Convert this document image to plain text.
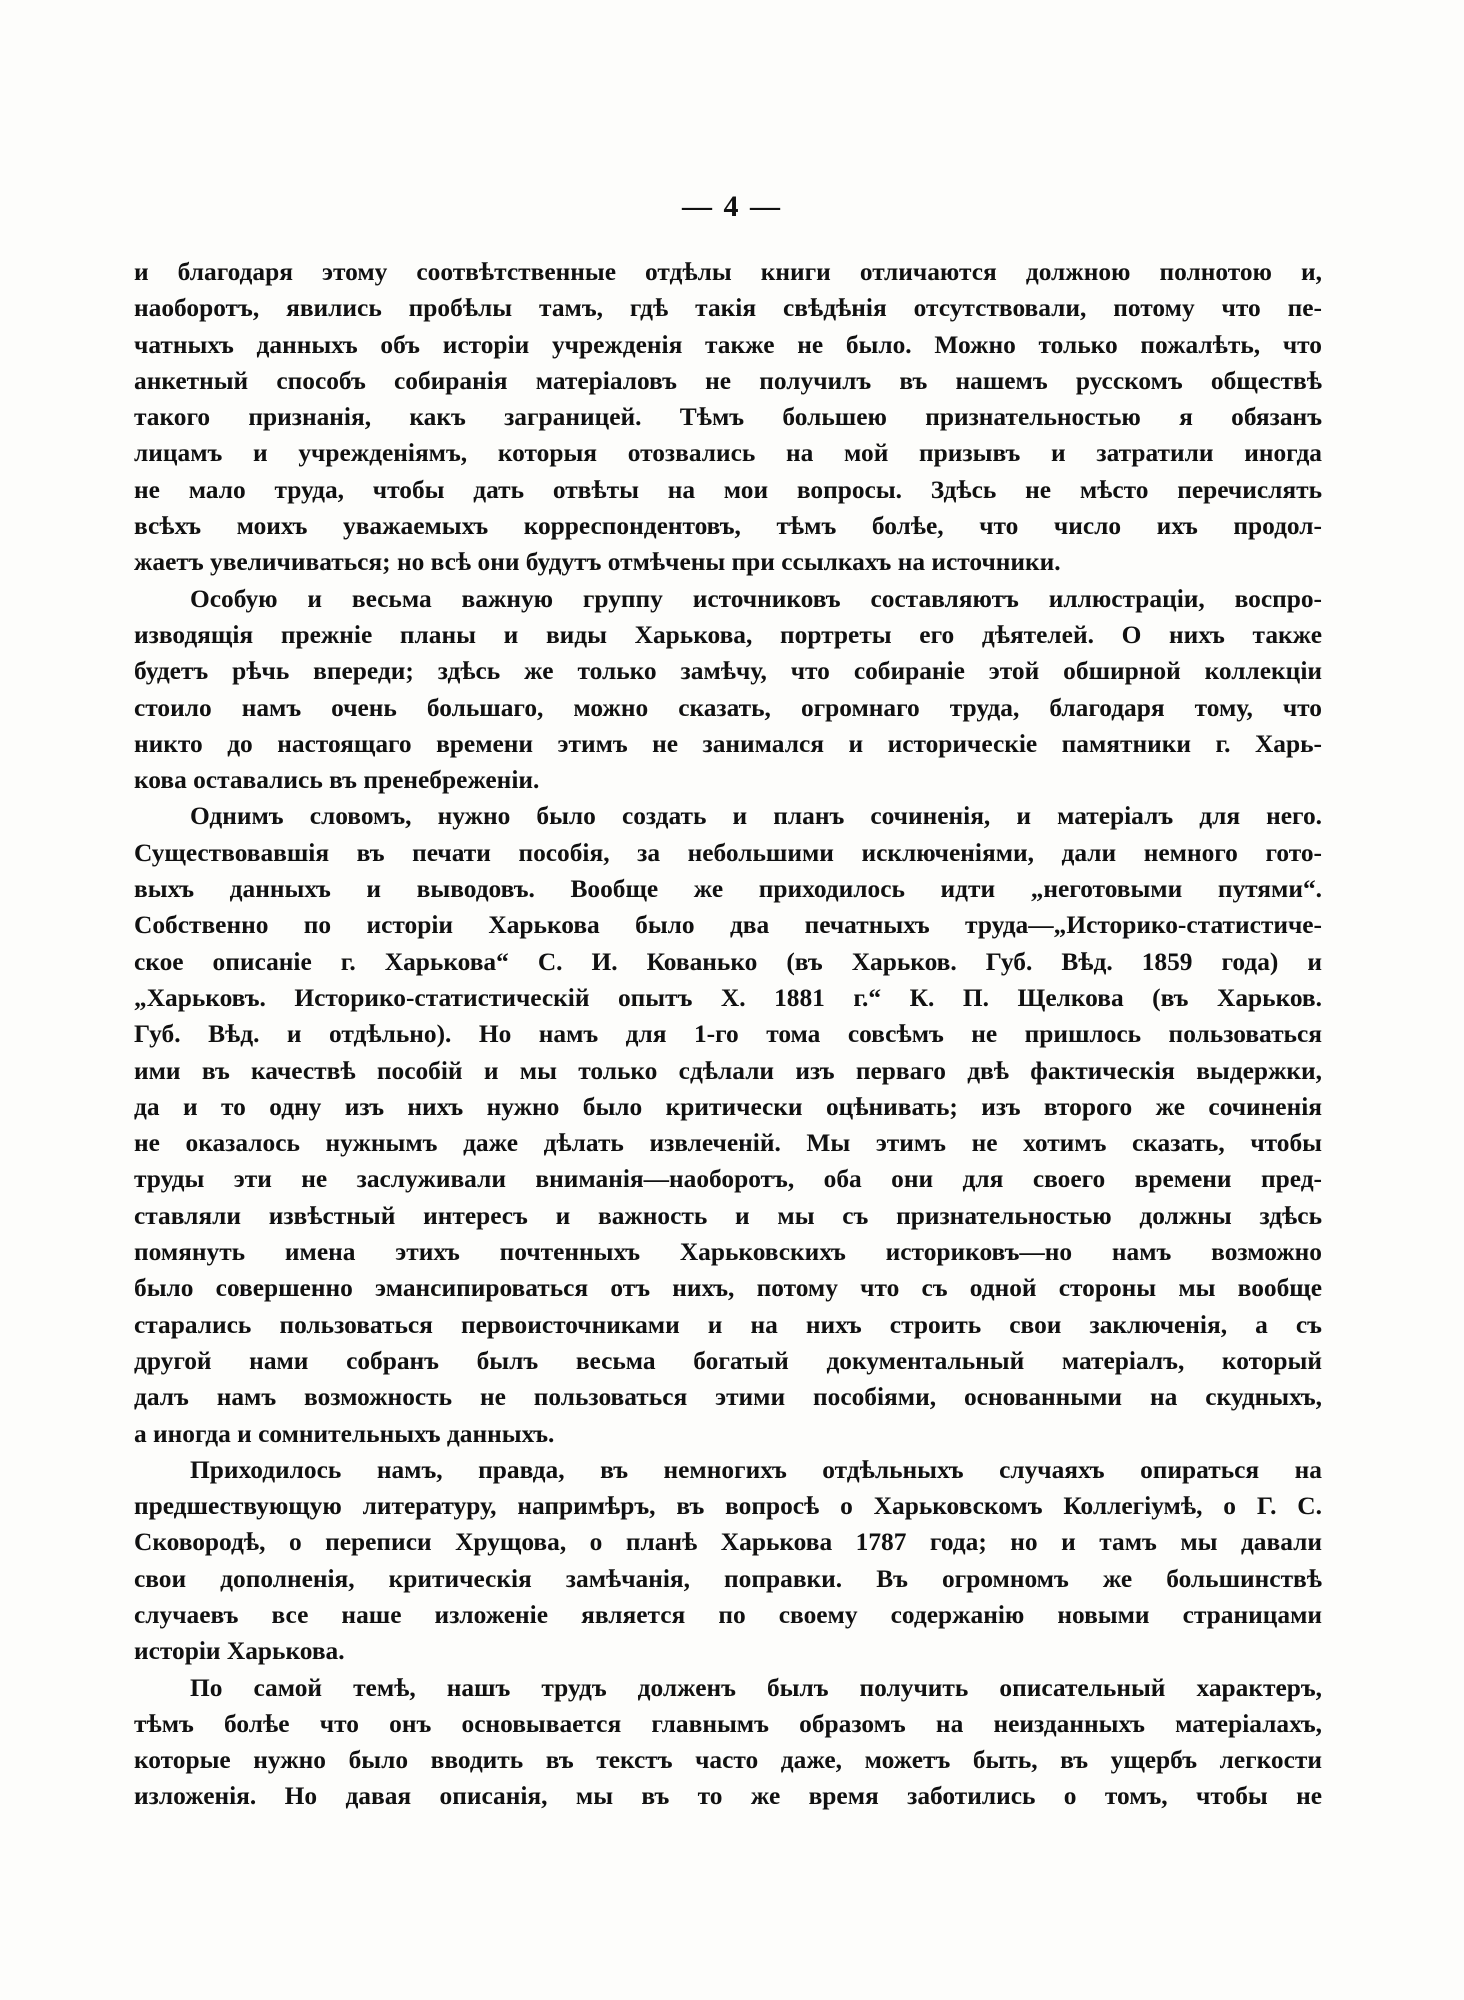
— 4 —
и благодаря этому соотвѣтственные отдѣлы книги отличаются должною полнотою и,
наоборотъ, явились пробѣлы тамъ, гдѣ такія свѣдѣнія отсутствовали, потому что пе-
чатныхъ данныхъ объ исторіи учрежденія также не было. Можно только пожалѣть, что
анкетный способъ собиранія матеріаловъ не получилъ въ нашемъ русскомъ обществѣ
такого признанія, какъ заграницей. Тѣмъ большею признательностью я обязанъ
лицамъ и учрежденіямъ, которыя отозвались на мой призывъ и затратили иногда
не мало труда, чтобы дать отвѣты на мои вопросы. Здѣсь не мѣсто перечислять
всѣхъ моихъ уважаемыхъ корреспондентовъ, тѣмъ болѣе, что число ихъ продол-
жаетъ увеличиваться; но всѣ они будутъ отмѣчены при ссылкахъ на источники.
Особую и весьма важную группу источниковъ составляютъ иллюстраціи, воспро-
изводящія прежніе планы и виды Харькова, портреты его дѣятелей. О нихъ также
будетъ рѣчь впереди; здѣсь же только замѣчу, что собираніе этой обширной коллекціи
стоило намъ очень большаго, можно сказать, огромнаго труда, благодаря тому, что
никто до настоящаго времени этимъ не занимался и историческіе памятники г. Харь-
кова оставались въ пренебреженіи.
Однимъ словомъ, нужно было создать и планъ сочиненія, и матеріалъ для него.
Существовавшія въ печати пособія, за небольшими исключеніями, дали немного гото-
выхъ данныхъ и выводовъ. Вообще же приходилось идти „неготовыми путями“.
Собственно по исторіи Харькова было два печатныхъ труда—„Историко-статистиче-
ское описаніе г. Харькова“ С. И. Кованько (въ Харьков. Губ. Вѣд. 1859 года) и
„Харьковъ. Историко-статистическій опытъ X. 1881 г.“ К. П. Щелкова (въ Харьков.
Губ. Вѣд. и отдѣльно). Но намъ для 1-го тома совсѣмъ не пришлось пользоваться
ими въ качествѣ пособій и мы только сдѣлали изъ перваго двѣ фактическія выдержки,
да и то одну изъ нихъ нужно было критически оцѣнивать; изъ второго же сочиненія
не оказалось нужнымъ даже дѣлать извлеченій. Мы этимъ не хотимъ сказать, чтобы
труды эти не заслуживали вниманія—наоборотъ, оба они для своего времени пред-
ставляли извѣстный интересъ и важность и мы съ признательностью должны здѣсь
помянуть имена этихъ почтенныхъ Харьковскихъ историковъ—но намъ возможно
было совершенно эмансипироваться отъ нихъ, потому что съ одной стороны мы вообще
старались пользоваться первоисточниками и на нихъ строить свои заключенія, а съ
другой нами собранъ былъ весьма богатый документальный матеріалъ, который
далъ намъ возможность не пользоваться этими пособіями, основанными на скудныхъ,
а иногда и сомнительныхъ данныхъ.
Приходилось намъ, правда, въ немногихъ отдѣльныхъ случаяхъ опираться на
предшествующую литературу, напримѣръ, въ вопросѣ о Харьковскомъ Коллегіумѣ, о Г. С.
Сковородѣ, о переписи Хрущова, о планѣ Харькова 1787 года; но и тамъ мы давали
свои дополненія, критическія замѣчанія, поправки. Въ огромномъ же большинствѣ
случаевъ все наше изложеніе является по своему содержанію новыми страницами
исторіи Харькова.
По самой темѣ, нашъ трудъ долженъ былъ получить описательный характеръ,
тѣмъ болѣе что онъ основывается главнымъ образомъ на неизданныхъ матеріалахъ,
которые нужно было вводить въ текстъ часто даже, можетъ быть, въ ущербъ легкости
изложенія. Но давая описанія, мы въ то же время заботились о томъ, чтобы не
